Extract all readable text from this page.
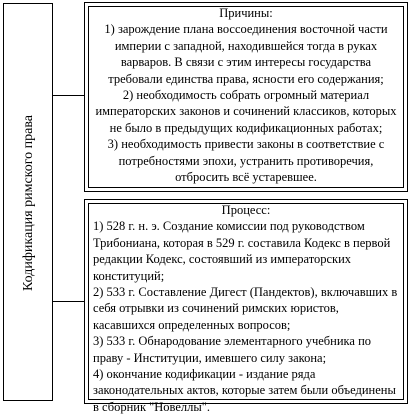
Кодификация римского права
Причины:
1) зарождение плана воссоединения восточной части империи с западной, находившейся тогда в руках варваров. В связи с этим интересы государства требовали единства права, ясности его содержания;
2) необходимость собрать огромный материал императорских законов и сочинений классиков, которых не было в предыдущих кодификационных работах;
3) необходимость привести законы в соответствие с потребностями эпохи, устранить противоречия, отбросить всё устаревшее.
Процесс:
1) 528 г. н. э. Создание комиссии под руководством Трибониана, которая в 529 г. составила Кодекс в первой редакции Кодекс, состоявший из императорских конституций;
2) 533 г. Составление Дигест (Пандектов), включавших в себя отрывки из сочинений римских юристов, касавшихся определенных вопросов;
3) 533 г. Обнародование элементарного учебника по праву - Институции, имевшего силу закона;
4) окончание кодификации - издание ряда законодательных актов, которые затем были объединены в сборник "Новеллы".
